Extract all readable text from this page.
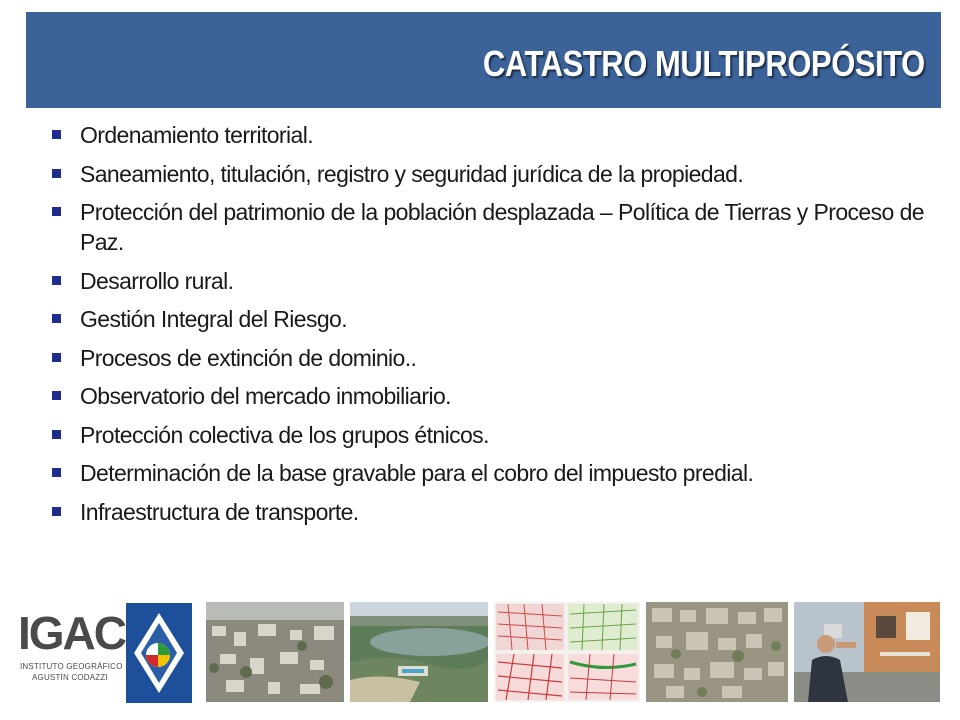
CATASTRO MULTIPROPÓSITO
Ordenamiento territorial.
Saneamiento, titulación, registro y seguridad jurídica de la propiedad.
Protección del patrimonio de la población desplazada – Política de Tierras y Proceso de Paz.
Desarrollo rural.
Gestión Integral del Riesgo.
Procesos de extinción de dominio..
Observatorio del mercado inmobiliario.
Protección colectiva de los grupos étnicos.
Determinación de la base gravable para el cobro del impuesto predial.
Infraestructura de transporte.
IGAC
INSTITUTO GEOGRÁFICO
AGUSTÍN CODAZZI
